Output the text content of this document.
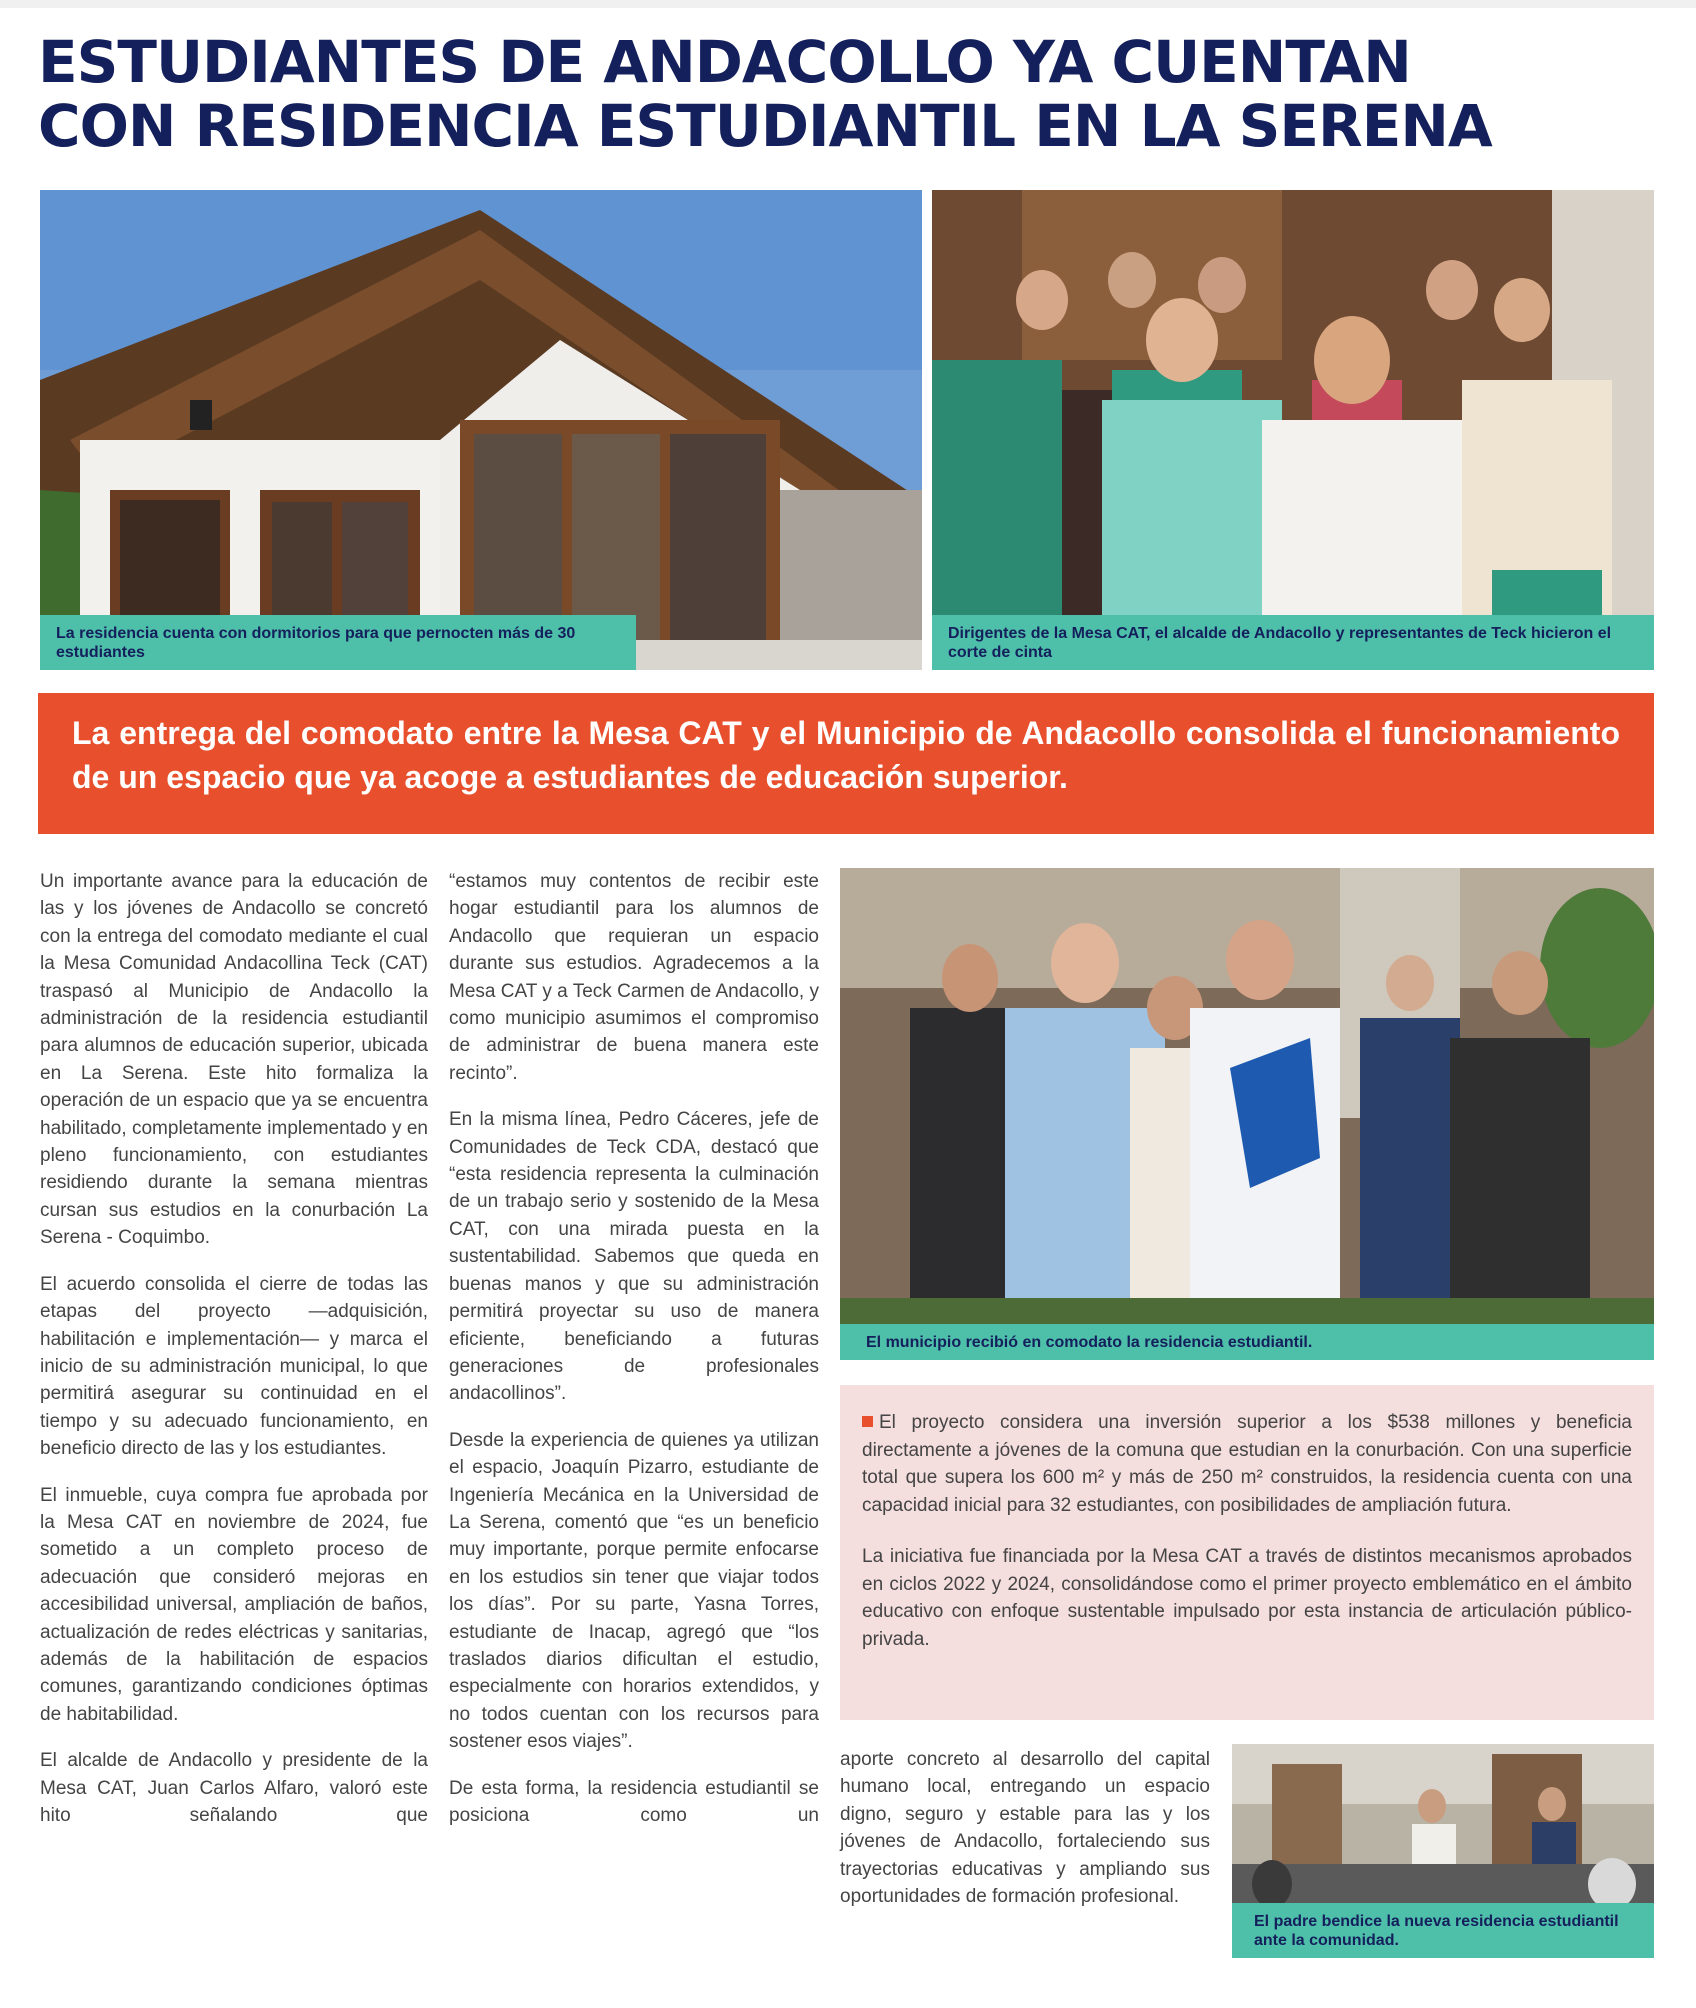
ESTUDIANTES DE ANDACOLLO YA CUENTAN
CON RESIDENCIA ESTUDIANTIL EN LA SERENA
La residencia cuenta con dormitorios para que pernocten más de 30 estudiantes
Dirigentes de la Mesa CAT, el alcalde de Andacollo y representantes de Teck hicieron el corte de cinta

La entrega del comodato entre la Mesa CAT y el Municipio de Andacollo consolida el funcionamiento de un espacio que ya acoge a estudiantes de educación superior.

Un importante avance para la educación de las y los jóvenes de Andacollo se concretó con la entrega del comodato mediante el cual la Mesa Comunidad Andacollina Teck (CAT) traspasó al Municipio de Andacollo la administración de la residencia estudiantil para alumnos de educación superior, ubicada en La Serena. Este hito formaliza la operación de un espacio que ya se encuentra habilitado, completamente implementado y en pleno funcionamiento, con estudiantes residiendo durante la semana mientras cursan sus estudios en la conurbación La Serena - Coquimbo.

El acuerdo consolida el cierre de todas las etapas del proyecto —adquisición, habilitación e implementación— y marca el inicio de su administración municipal, lo que permitirá asegurar su continuidad en el tiempo y su adecuado funcionamiento, en beneficio directo de las y los estudiantes.

El inmueble, cuya compra fue aprobada por la Mesa CAT en noviembre de 2024, fue sometido a un completo proceso de adecuación que consideró mejoras en accesibilidad universal, ampliación de baños, actualización de redes eléctricas y sanitarias, además de la habilitación de espacios comunes, garantizando condiciones óptimas de habitabilidad.

El alcalde de Andacollo y presidente de la Mesa CAT, Juan Carlos Alfaro, valoró este hito señalando que

“estamos muy contentos de recibir este hogar estudiantil para los alumnos de Andacollo que requieran un espacio durante sus estudios. Agradecemos a la Mesa CAT y a Teck Carmen de Andacollo, y como municipio asumimos el compromiso de administrar de buena manera este recinto”.

En la misma línea, Pedro Cáceres, jefe de Comunidades de Teck CDA, destacó que “esta residencia representa la culminación de un trabajo serio y sostenido de la Mesa CAT, con una mirada puesta en la sustentabilidad. Sabemos que queda en buenas manos y que su administración permitirá proyectar su uso de manera eficiente, beneficiando a futuras generaciones de profesionales andacollinos”.

Desde la experiencia de quienes ya utilizan el espacio, Joaquín Pizarro, estudiante de Ingeniería Mecánica en la Universidad de La Serena, comentó que “es un beneficio muy importante, porque permite enfocarse en los estudios sin tener que viajar todos los días”. Por su parte, Yasna Torres, estudiante de Inacap, agregó que “los traslados diarios dificultan el estudio, especialmente con horarios extendidos, y no todos cuentan con los recursos para sostener esos viajes”.

De esta forma, la residencia estudiantil se posiciona como un

El municipio recibió en comodato la residencia estudiantil.

El proyecto considera una inversión superior a los $538 millones y beneficia directamente a jóvenes de la comuna que estudian en la conurbación. Con una superficie total que supera los 600 m² y más de 250 m² construidos, la residencia cuenta con una capacidad inicial para 32 estudiantes, con posibilidades de ampliación futura.

La iniciativa fue financiada por la Mesa CAT a través de distintos mecanismos aprobados en ciclos 2022 y 2024, consolidándose como el primer proyecto emblemático en el ámbito educativo con enfoque sustentable impulsado por esta instancia de articulación público-privada.

aporte concreto al desarrollo del capital humano local, entregando un espacio digno, seguro y estable para las y los jóvenes de Andacollo, fortaleciendo sus trayectorias educativas y ampliando sus oportunidades de formación profesional.

El padre bendice la nueva residencia estudiantil ante la comunidad.
